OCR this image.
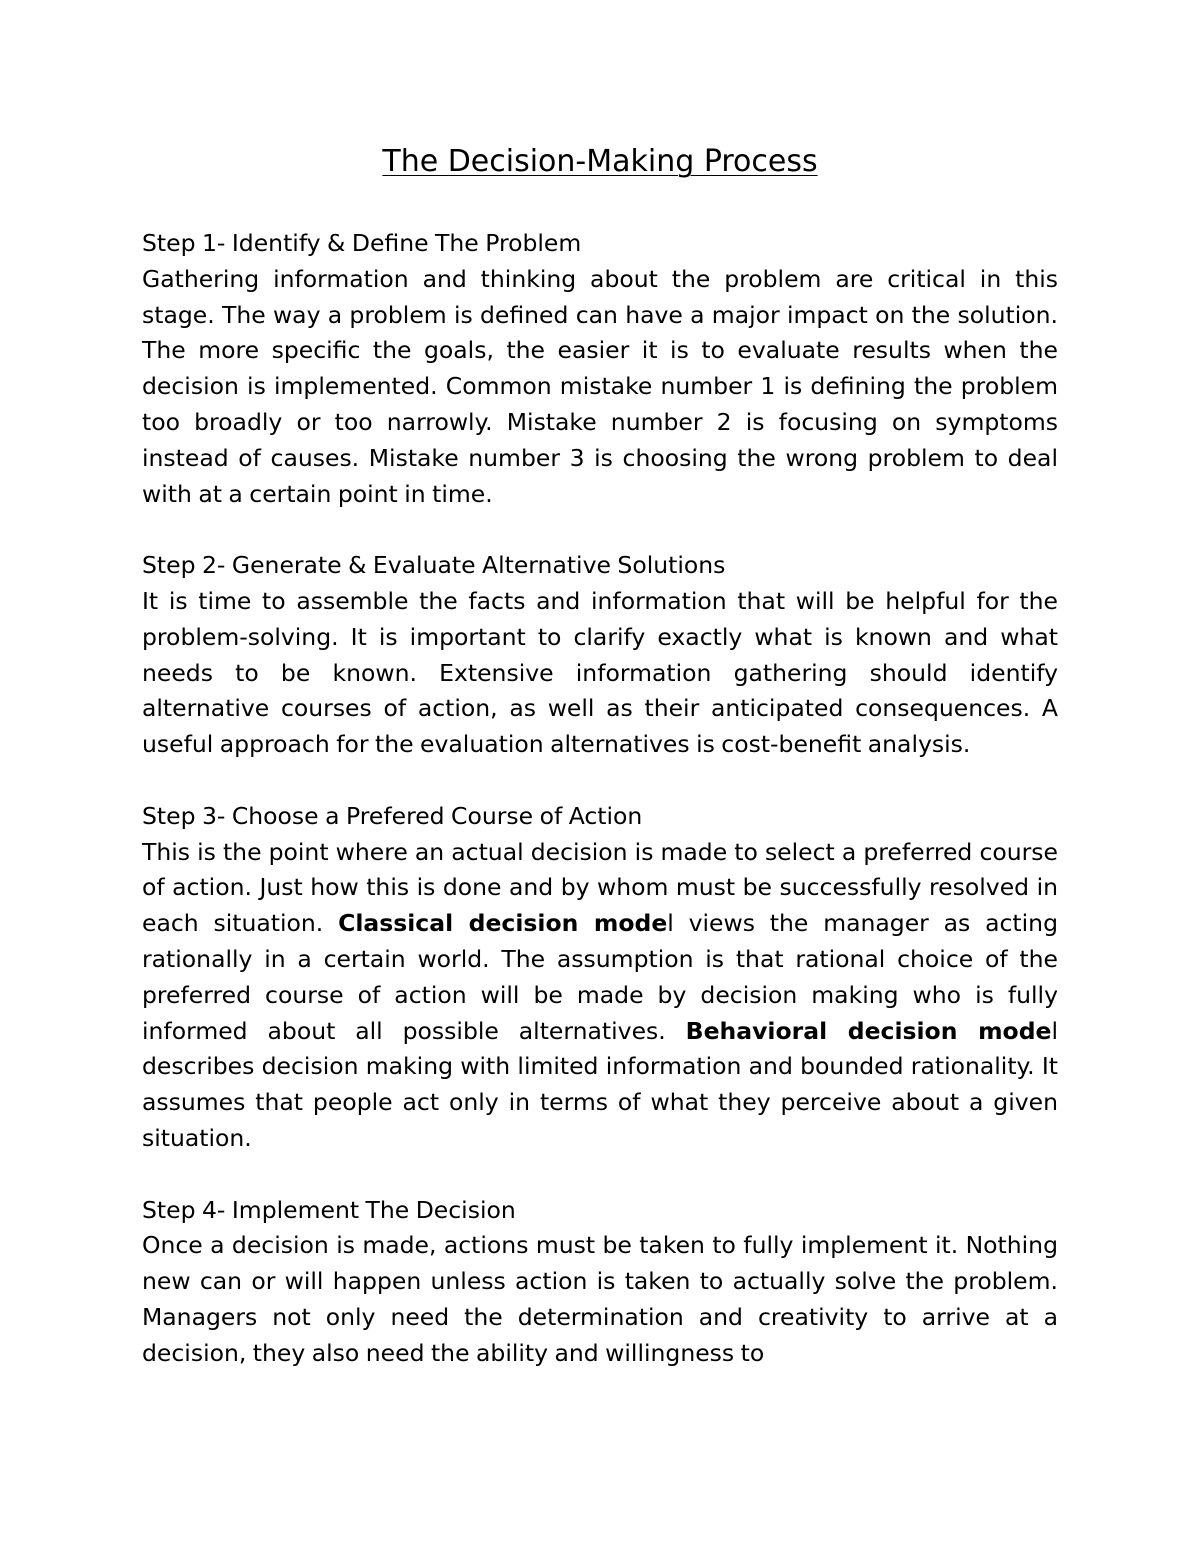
The Decision-Making Process
Step 1- Identify & Define The Problem
Gathering information and thinking about the problem are critical in this stage. The way a problem is defined can have a major impact on the solution. The more specific the goals, the easier it is to evaluate results when the decision is implemented. Common mistake number 1 is defining the problem too broadly or too narrowly. Mistake number 2 is focusing on symptoms instead of causes. Mistake number 3 is choosing the wrong problem to deal with at a certain point in time.
Step 2- Generate & Evaluate Alternative Solutions
It is time to assemble the facts and information that will be helpful for the problem-solving. It is important to clarify exactly what is known and what needs to be known. Extensive information gathering should identify alternative courses of action, as well as their anticipated consequences. A useful approach for the evaluation alternatives is cost-benefit analysis.
Step 3- Choose a Prefered Course of Action
This is the point where an actual decision is made to select a preferred course of action. Just how this is done and by whom must be successfully resolved in each situation. Classical decision model views the manager as acting rationally in a certain world. The assumption is that rational choice of the preferred course of action will be made by decision making who is fully informed about all possible alternatives. Behavioral decision model describes decision making with limited information and bounded rationality. It assumes that people act only in terms of what they perceive about a given situation.
Step 4- Implement The Decision
Once a decision is made, actions must be taken to fully implement it. Nothing new can or will happen unless action is taken to actually solve the problem. Managers not only need the determination and creativity to arrive at a decision, they also need the ability and willingness to
